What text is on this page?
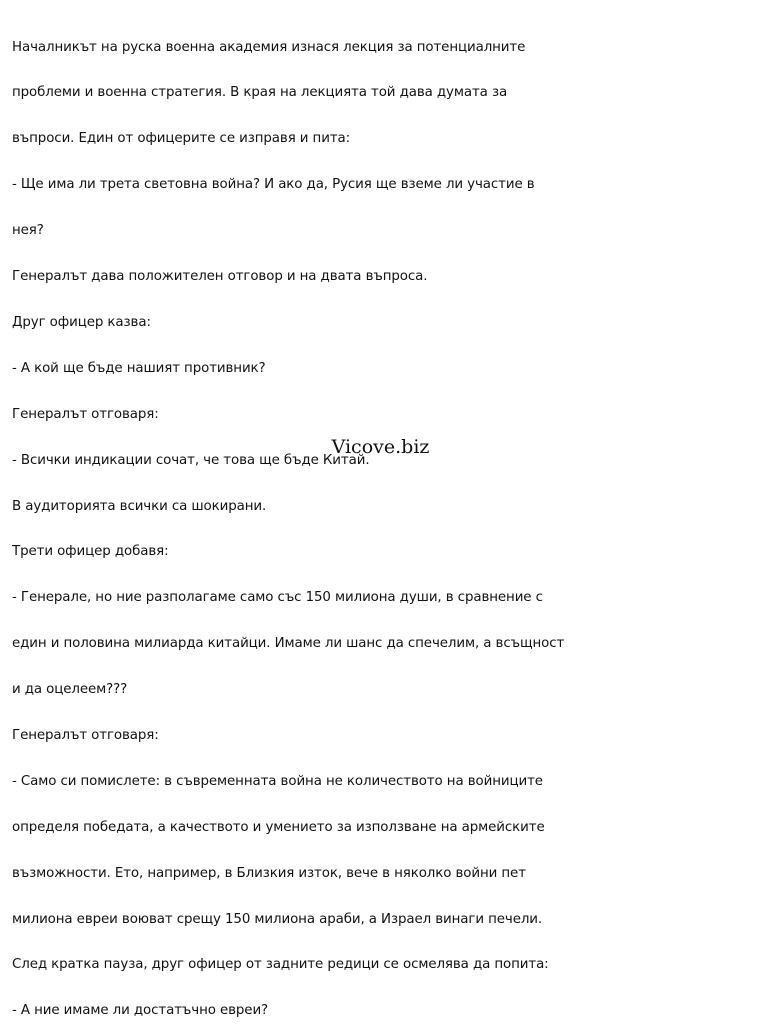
Началникът на руска военна академия изнася лекция за потенциалните

проблеми и военна стратегия. В края на лекцията той дава думата за

въпроси. Един от офицерите се изправя и пита:

- Ще има ли трета световна война? И ако да, Русия ще вземе ли участие в

нея?

Генералът дава положителен отговор и на двата въпроса.

Друг офицер казва:

- А кой ще бъде нашият противник?

Генералът отговаря:

- Всички индикации сочат, че това ще бъде Китай.

В аудиторията всички са шокирани.

Трети офицер добавя:

- Генерале, но ние разполагаме само със 150 милиона души, в сравнение с

един и половина милиарда китайци. Имаме ли шанс да спечелим, а всъщност

и да оцелеем???

Генералът отговаря:

- Само си помислете: в съвременната война не количеството на войниците

определя победата, а качеството и умението за използване на армейските

възможности. Ето, например, в Близкия изток, вече в няколко войни пет

милиона евреи воюват срещу 150 милиона араби, а Израел винаги печели.

След кратка пауза, друг офицер от задните редици се осмелява да попита:

- А ние имаме ли достатъчно евреи?

Vicove.biz
